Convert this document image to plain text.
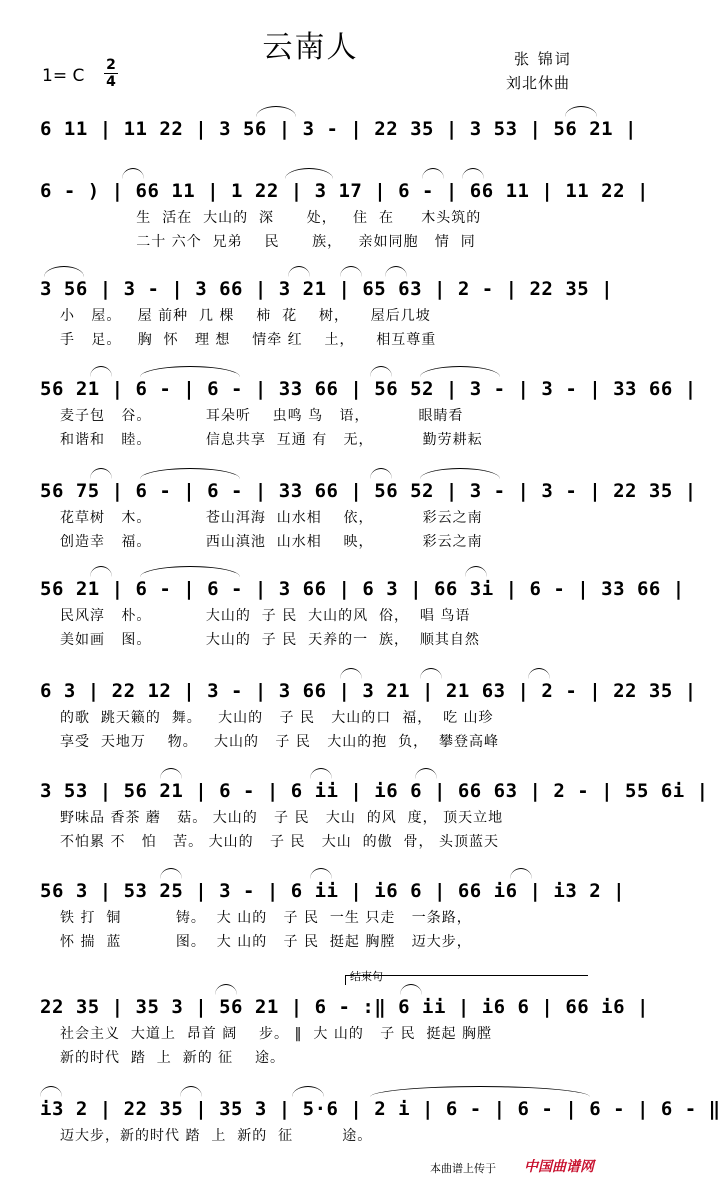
云南人
1= C
2
4
张 锦词
刘北休曲
6 11 | 11 22 | 3 56 | 3 - | 22 35 | 3 53 | 56 21 |
6 - ) | 66 11 | 1 22 | 3 17 | 6 - | 66 11 | 11 22 |
生  活在  大山的  深      处，   住  在     木头筑的
二十 六个  兄弟    民      族，   亲如同胞   情  同
3 56 | 3 - | 3 66 | 3 21 | 65 63 | 2 - | 22 35 |
小   屋。   屋 前种  几 棵    柿  花    树，    屋后几坡
手   足。   胸  怀   理 想    情牵 红    土，    相互尊重
56 21 | 6 - | 6 - | 33 66 | 56 52 | 3 - | 3 - | 33 66 |
麦子包   谷。          耳朵听    虫鸣 鸟   语，         眼睛看
和谐和   睦。          信息共享  互通 有   无，         勤劳耕耘
56 75 | 6 - | 6 - | 33 66 | 56 52 | 3 - | 3 - | 22 35 |
花草树   木。          苍山洱海  山水相    依，         彩云之南
创造幸   福。          西山滇池  山水相    映，         彩云之南
56 21 | 6 - | 6 - | 3 66 | 6 3 | 66 3i | 6 - | 33 66 |
民风淳   朴。          大山的  子 民  大山的风  俗，  唱 鸟语
美如画   图。          大山的  子 民  天养的一  族，  顺其自然
6 3 | 22 12 | 3 - | 3 66 | 3 21 | 21 63 | 2 - | 22 35 |
的歌  跳天籁的  舞。   大山的   子 民   大山的口  福，  吃 山珍
享受  天地万    物。   大山的   子 民   大山的抱  负，  攀登高峰
3 53 | 56 21 | 6 - | 6 ii | i6 6 | 66 63 | 2 - | 55 6i |
野味品 香茶 蘑   菇。 大山的   子 民   大山  的风  度， 顶天立地
不怕累 不   怕   苦。 大山的   子 民   大山  的傲  骨， 头顶蓝天
56 3 | 53 25 | 3 - | 6 ii | i6 6 | 66 i6 | i3 2 |
铁 打  铜          铸。  大 山的   子 民  一生 只走   一条路，
怀 揣  蓝          图。  大 山的   子 民  挺起 胸膛   迈大步，
结束句
22 35 | 35 3 | 56 21 | 6 - :‖ 6 ii | i6 6 | 66 i6 |
社会主义  大道上  昂首 阔    步。 ‖  大 山的   子 民  挺起 胸膛
新的时代  踏  上  新的 征    途。
i3 2 | 22 35 | 35 3 | 5·6 | 2 i | 6 - | 6 - | 6 - | 6 - ‖
迈大步，新的时代 踏  上  新的  征         途。
本曲谱上传于 中国曲谱网
